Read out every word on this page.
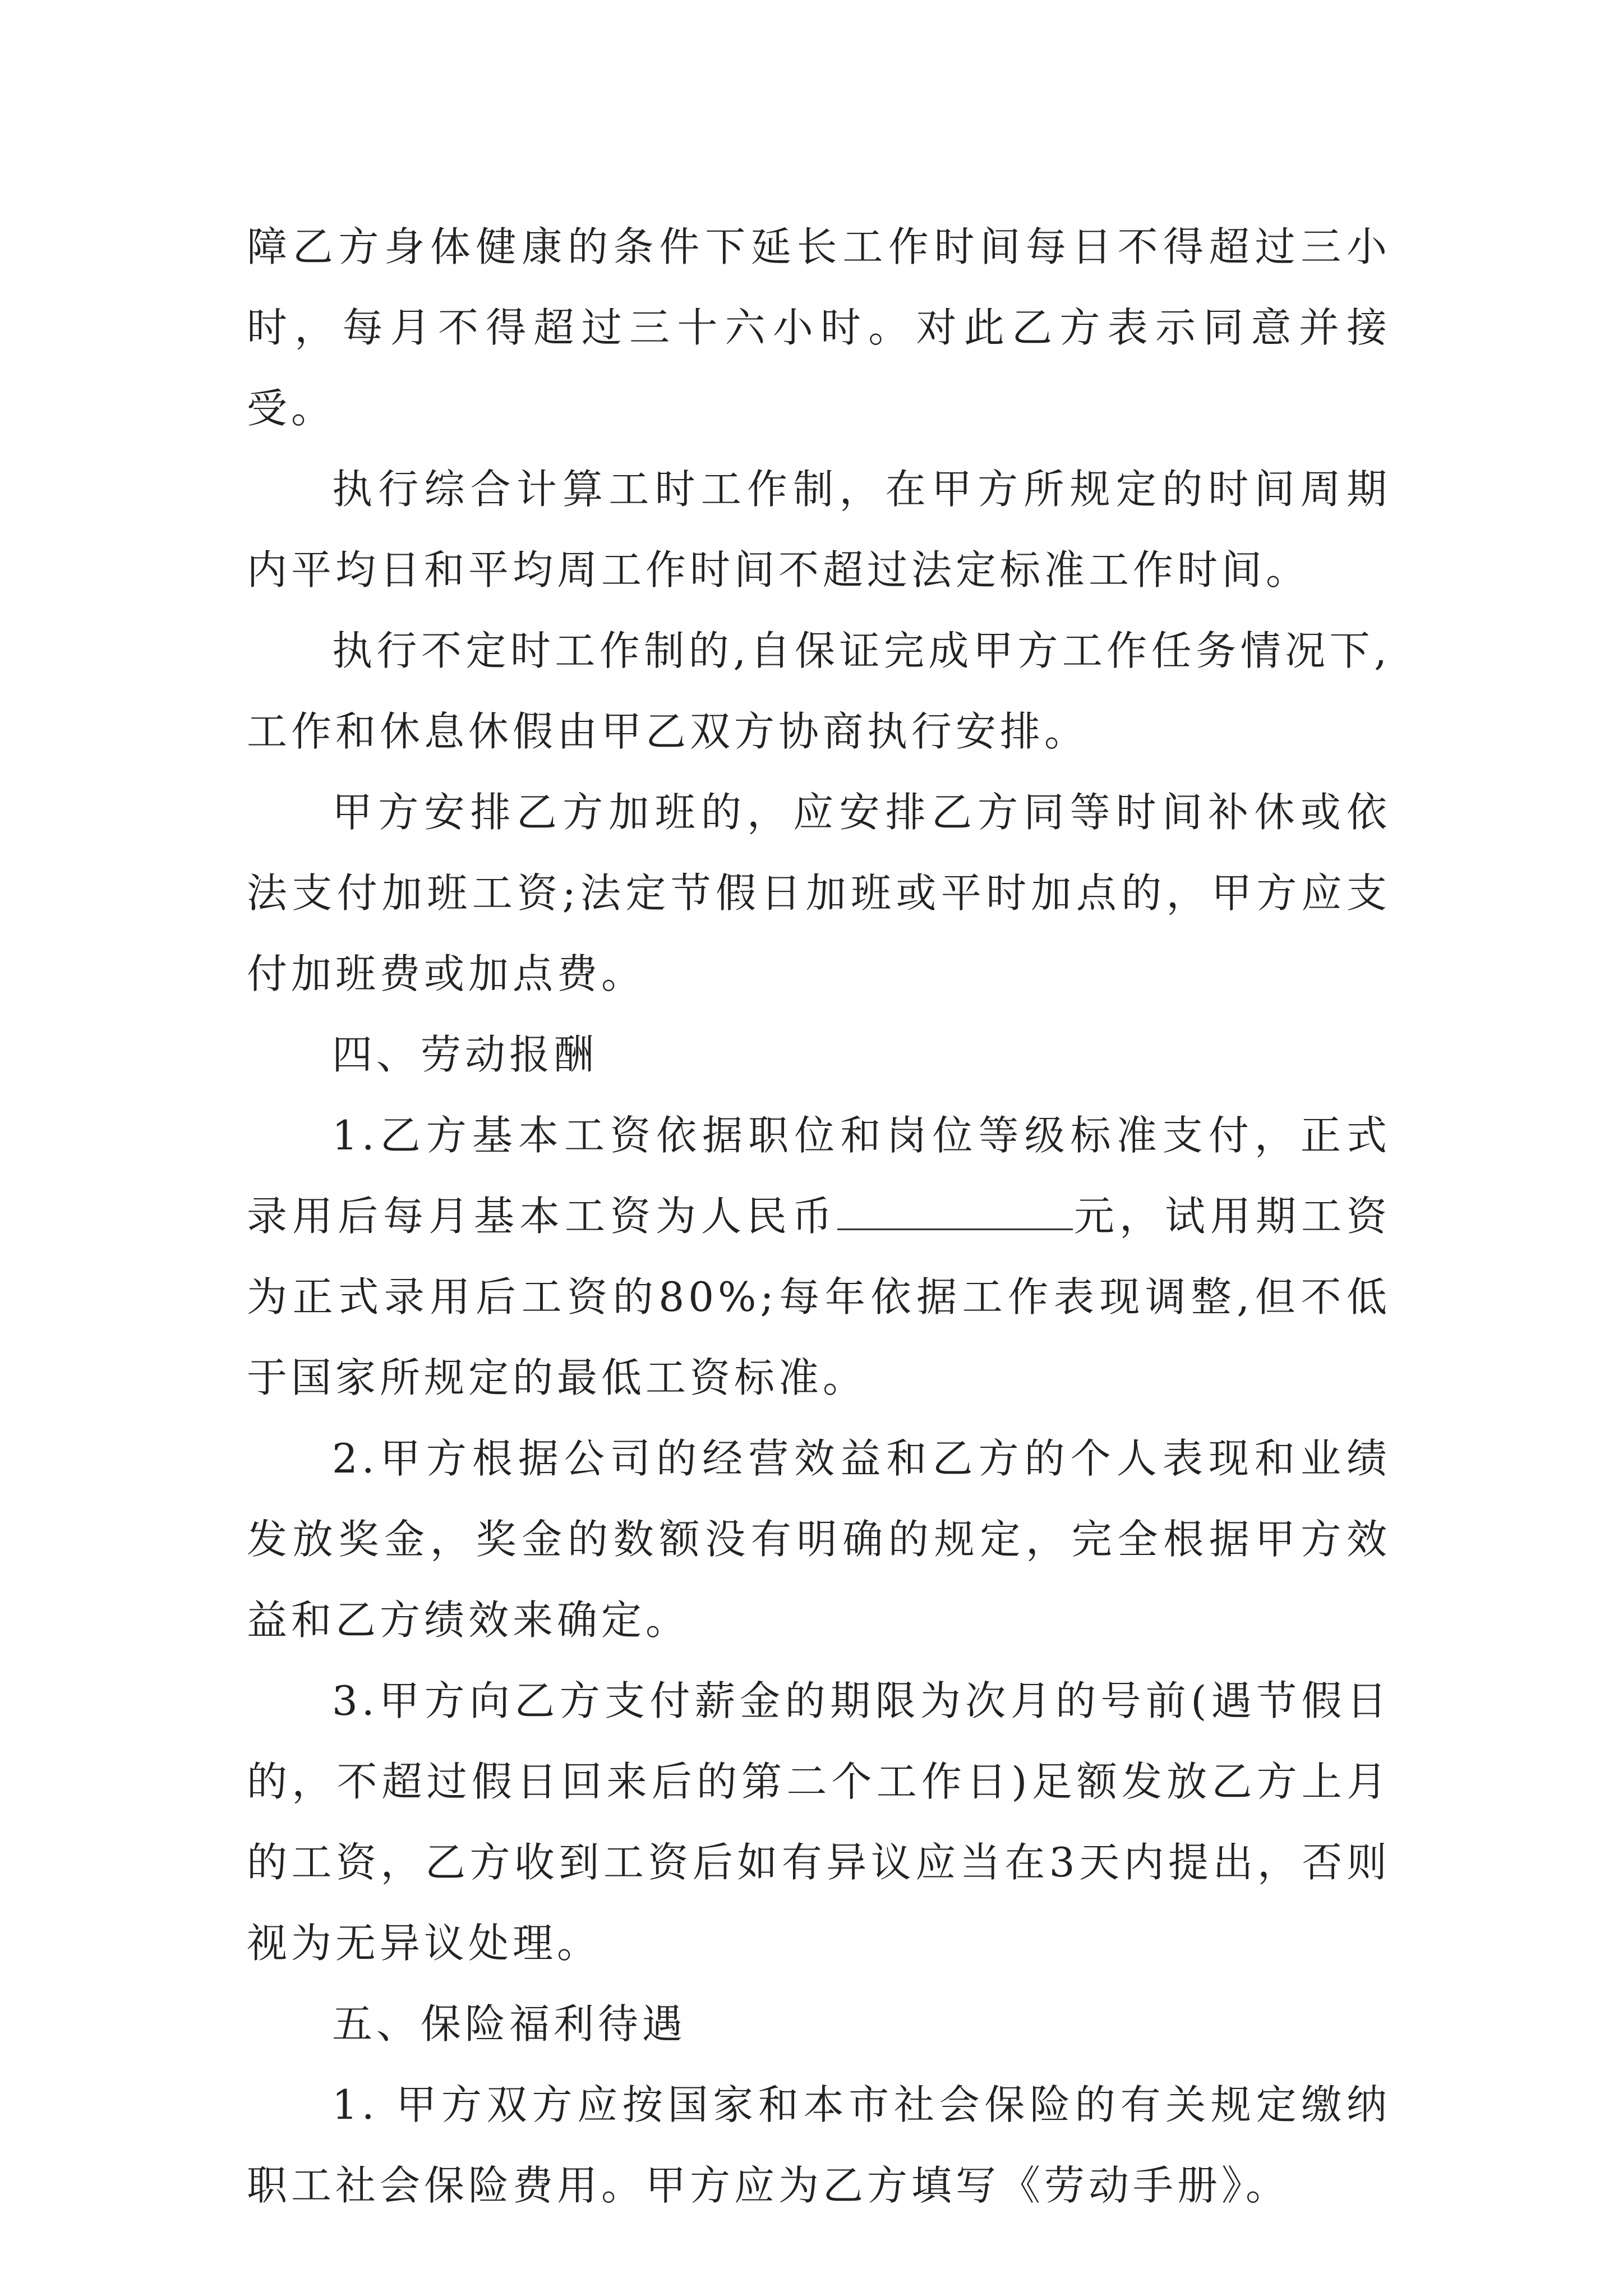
障乙方身体健康的条件下延长工作时间每日不得超过三小时，每月不得超过三十六小时。对此乙方表示同意并接受。

执行综合计算工时工作制，在甲方所规定的时间周期内平均日和平均周工作时间不超过法定标准工作时间。

执行不定时工作制的,自保证完成甲方工作任务情况下,工作和休息休假由甲乙双方协商执行安排。

甲方安排乙方加班的，应安排乙方同等时间补休或依法支付加班工资;法定节假日加班或平时加点的，甲方应支付加班费或加点费。

四、劳动报酬

1.乙方基本工资依据职位和岗位等级标准支付，正式录用后每月基本工资为人民币	元，试用期工资为正式录用后工资的80%;每年依据工作表现调整,但不低于国家所规定的最低工资标准。

2.甲方根据公司的经营效益和乙方的个人表现和业绩发放奖金，奖金的数额没有明确的规定，完全根据甲方效益和乙方绩效来确定。

3.甲方向乙方支付薪金的期限为次月的号前(遇节假日的，不超过假日回来后的第二个工作日)足额发放乙方上月的工资，乙方收到工资后如有异议应当在3天内提出，否则视为无异议处理。

五、保险福利待遇

1. 甲方双方应按国家和本市社会保险的有关规定缴纳职工社会保险费用。甲方应为乙方填写《劳动手册》。
